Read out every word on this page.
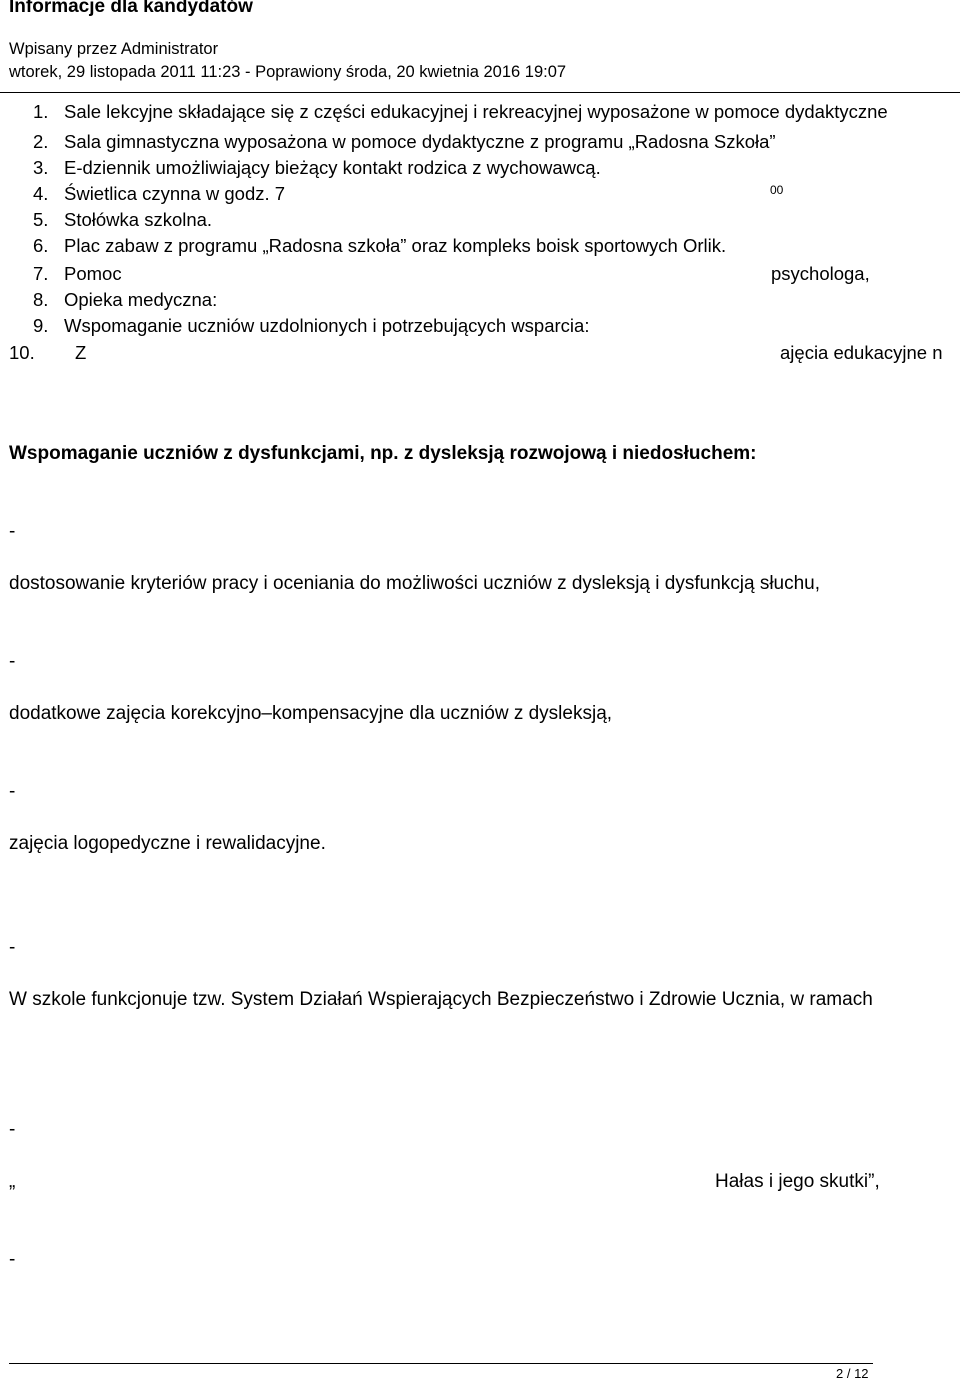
Informacje dla kandydatów
Wpisany przez Administrator
wtorek, 29 listopada 2011 11:23 - Poprawiony środa, 20 kwietnia 2016 19:07
1. Sale lekcyjne składające się z części edukacyjnej i rekreacyjnej wyposażone w pomoce dydaktyczne
2. Sala gimnastyczna wyposażona w pomoce dydaktyczne z programu „Radosna Szkoła”
3. E-dziennik umożliwiający bieżący kontakt rodzica z wychowawcą.
4. Świetlica czynna w godz. 7	00
5. Stołówka szkolna.
6. Plac zabaw z programu „Radosna szkoła” oraz kompleks boisk sportowych Orlik.
7. Pomoc	psychologa,
8. Opieka medyczna:
9. Wspomaganie uczniów uzdolnionych i potrzebujących wsparcia:
10. Z	ajęcia edukacyjne n
Wspomaganie uczniów z dysfunkcjami, np. z dysleksją rozwojową i niedosłuchem:
-
dostosowanie kryteriów pracy i oceniania do możliwości uczniów z dysleksją i dysfunkcją słuchu,
-
dodatkowe zajęcia korekcyjno–kompensacyjne dla uczniów z dysleksją,
-
zajęcia logopedyczne i rewalidacyjne.
-
W szkole funkcjonuje tzw. System Działań Wspierających Bezpieczeństwo i Zdrowie Ucznia, w ramach
-
„	Hałas i jego skutki”,
-
2 / 12
